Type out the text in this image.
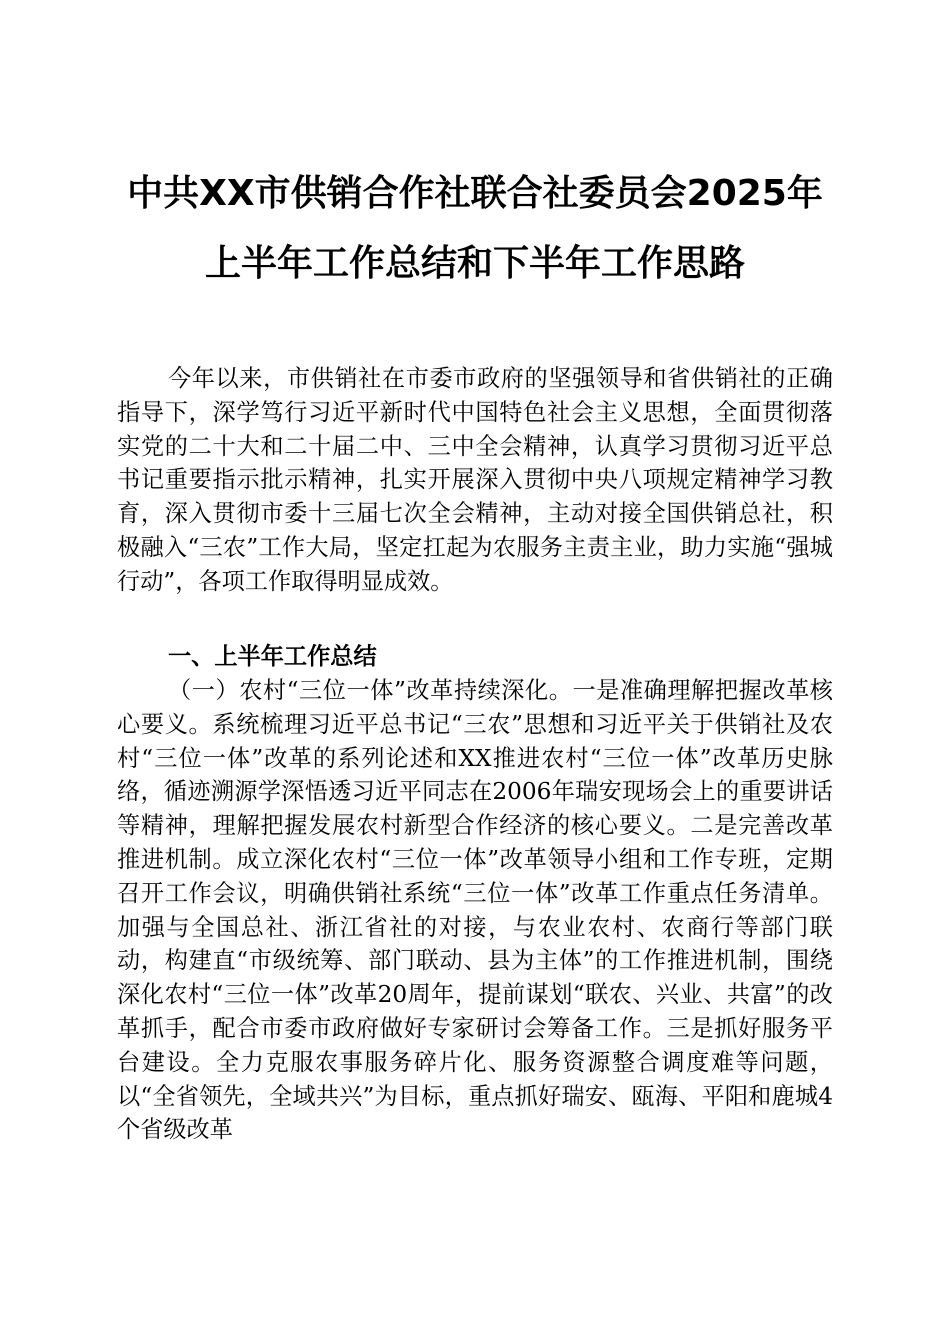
中共XX市供销合作社联合社委员会2025年
上半年工作总结和下半年工作思路

今年以来，市供销社在市委市政府的坚强领导和省供销社的正确指导下，深学笃行习近平新时代中国特色社会主义思想，全面贯彻落实党的二十大和二十届二中、三中全会精神，认真学习贯彻习近平总书记重要指示批示精神，扎实开展深入贯彻中央八项规定精神学习教育，深入贯彻市委十三届七次全会精神，主动对接全国供销总社，积极融入“三农”工作大局，坚定扛起为农服务主责主业，助力实施“强城行动”，各项工作取得明显成效。

一、上半年工作总结

（一）农村“三位一体”改革持续深化。一是准确理解把握改革核心要义。系统梳理习近平总书记“三农”思想和习近平关于供销社及农村“三位一体”改革的系列论述和XX推进农村“三位一体”改革历史脉络，循迹溯源学深悟透习近平同志在2006年瑞安现场会上的重要讲话等精神，理解把握发展农村新型合作经济的核心要义。二是完善改革推进机制。成立深化农村“三位一体”改革领导小组和工作专班，定期召开工作会议，明确供销社系统“三位一体”改革工作重点任务清单。加强与全国总社、浙江省社的对接，与农业农村、农商行等部门联动，构建直“市级统筹、部门联动、县为主体”的工作推进机制，围绕深化农村“三位一体”改革20周年，提前谋划“联农、兴业、共富”的改革抓手，配合市委市政府做好专家研讨会筹备工作。三是抓好服务平台建设。全力克服农事服务碎片化、服务资源整合调度难等问题，以“全省领先，全域共兴”为目标，重点抓好瑞安、瓯海、平阳和鹿城4个省级改革
